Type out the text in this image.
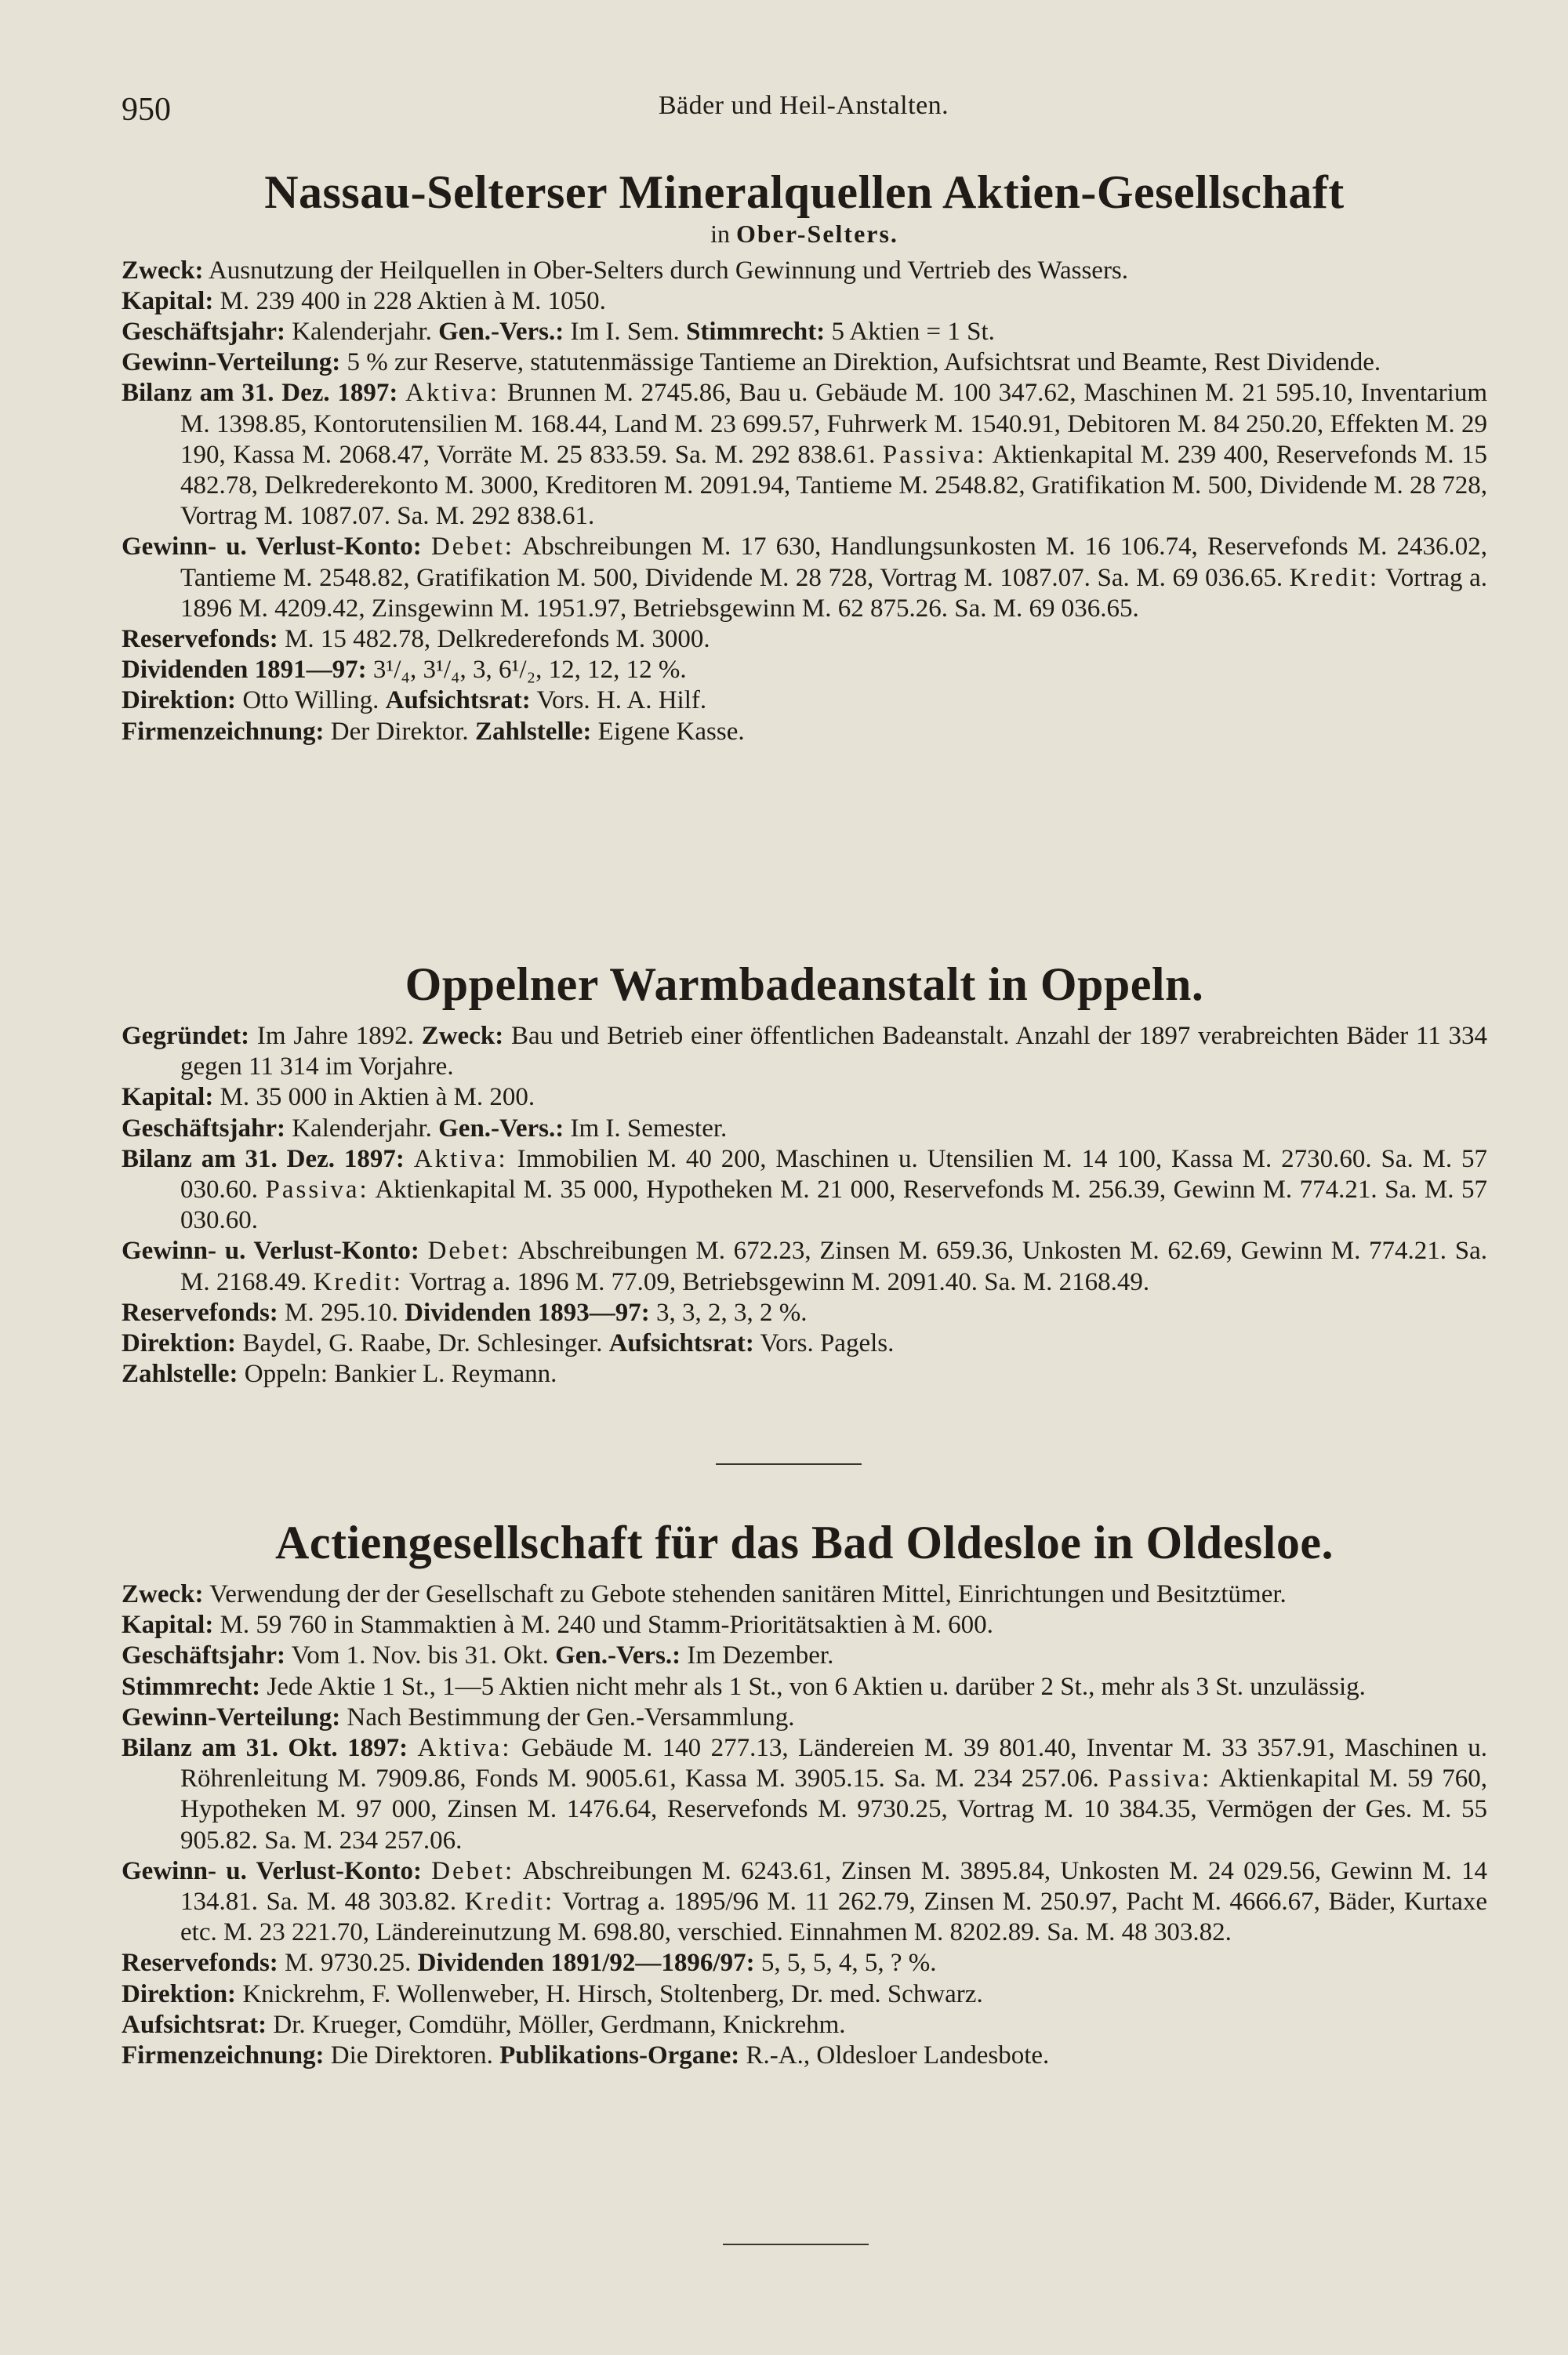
950	Bäder und Heil-Anstalten.
Nassau-Selterser Mineralquellen Aktien-Gesellschaft
in Ober-Selters.
Zweck: Ausnutzung der Heilquellen in Ober-Selters durch Gewinnung und Vertrieb des Wassers.
Kapital: M. 239 400 in 228 Aktien à M. 1050.
Geschäftsjahr: Kalenderjahr. Gen.-Vers.: Im I. Sem. Stimmrecht: 5 Aktien = 1 St.
Gewinn-Verteilung: 5 % zur Reserve, statutenmässige Tantieme an Direktion, Aufsichtsrat und Beamte, Rest Dividende.
Bilanz am 31. Dez. 1897: Aktiva: Brunnen M. 2745.86, Bau u. Gebäude M. 100 347.62, Maschinen M. 21 595.10, Inventarium M. 1398.85, Kontorutensilien M. 168.44, Land M. 23 699.57, Fuhrwerk M. 1540.91, Debitoren M. 84 250.20, Effekten M. 29 190, Kassa M. 2068.47, Vorräte M. 25 833.59. Sa. M. 292 838.61. Passiva: Aktienkapital M. 239 400, Reservefonds M. 15 482.78, Delkrederekonto M. 3000, Kreditoren M. 2091.94, Tantieme M. 2548.82, Gratifikation M. 500, Dividende M. 28 728, Vortrag M. 1087.07. Sa. M. 292 838.61.
Gewinn- u. Verlust-Konto: Debet: Abschreibungen M. 17 630, Handlungsunkosten M. 16 106.74, Reservefonds M. 2436.02, Tantieme M. 2548.82, Gratifikation M. 500, Dividende M. 28 728, Vortrag M. 1087.07. Sa. M. 69 036.65. Kredit: Vortrag a. 1896 M. 4209.42, Zinsgewinn M. 1951.97, Betriebsgewinn M. 62 875.26. Sa. M. 69 036.65.
Reservefonds: M. 15 482.78, Delkrederefonds M. 3000.
Dividenden 1891—97: 3¹/₄, 3¹/₄, 3, 6¹/₂, 12, 12, 12 %.
Direktion: Otto Willing. Aufsichtsrat: Vors. H. A. Hilf.
Firmenzeichnung: Der Direktor. Zahlstelle: Eigene Kasse.
Oppelner Warmbadeanstalt in Oppeln.
Gegründet: Im Jahre 1892. Zweck: Bau und Betrieb einer öffentlichen Badeanstalt. Anzahl der 1897 verabreichten Bäder 11 334 gegen 11 314 im Vorjahre.
Kapital: M. 35 000 in Aktien à M. 200.
Geschäftsjahr: Kalenderjahr. Gen.-Vers.: Im I. Semester.
Bilanz am 31. Dez. 1897: Aktiva: Immobilien M. 40 200, Maschinen u. Utensilien M. 14 100, Kassa M. 2730.60. Sa. M. 57 030.60. Passiva: Aktienkapital M. 35 000, Hypotheken M. 21 000, Reservefonds M. 256.39, Gewinn M. 774.21. Sa. M. 57 030.60.
Gewinn- u. Verlust-Konto: Debet: Abschreibungen M. 672.23, Zinsen M. 659.36, Unkosten M. 62.69, Gewinn M. 774.21. Sa. M. 2168.49. Kredit: Vortrag a. 1896 M. 77.09, Betriebsgewinn M. 2091.40. Sa. M. 2168.49.
Reservefonds: M. 295.10. Dividenden 1893—97: 3, 3, 2, 3, 2 %.
Direktion: Baydel, G. Raabe, Dr. Schlesinger. Aufsichtsrat: Vors. Pagels.
Zahlstelle: Oppeln: Bankier L. Reymann.
Actiengesellschaft für das Bad Oldesloe in Oldesloe.
Zweck: Verwendung der der Gesellschaft zu Gebote stehenden sanitären Mittel, Einrichtungen und Besitztümer.
Kapital: M. 59 760 in Stammaktien à M. 240 und Stamm-Prioritätsaktien à M. 600.
Geschäftsjahr: Vom 1. Nov. bis 31. Okt. Gen.-Vers.: Im Dezember.
Stimmrecht: Jede Aktie 1 St., 1—5 Aktien nicht mehr als 1 St., von 6 Aktien u. darüber 2 St., mehr als 3 St. unzulässig.
Gewinn-Verteilung: Nach Bestimmung der Gen.-Versammlung.
Bilanz am 31. Okt. 1897: Aktiva: Gebäude M. 140 277.13, Ländereien M. 39 801.40, Inventar M. 33 357.91, Maschinen u. Röhrenleitung M. 7909.86, Fonds M. 9005.61, Kassa M. 3905.15. Sa. M. 234 257.06. Passiva: Aktienkapital M. 59 760, Hypotheken M. 97 000, Zinsen M. 1476.64, Reservefonds M. 9730.25, Vortrag M. 10 384.35, Vermögen der Ges. M. 55 905.82. Sa. M. 234 257.06.
Gewinn- u. Verlust-Konto: Debet: Abschreibungen M. 6243.61, Zinsen M. 3895.84, Unkosten M. 24 029.56, Gewinn M. 14 134.81. Sa. M. 48 303.82. Kredit: Vortrag a. 1895/96 M. 11 262.79, Zinsen M. 250.97, Pacht M. 4666.67, Bäder, Kurtaxe etc. M. 23 221.70, Ländereinutzung M. 698.80, verschied. Einnahmen M. 8202.89. Sa. M. 48 303.82.
Reservefonds: M. 9730.25. Dividenden 1891/92—1896/97: 5, 5, 5, 4, 5, ? %.
Direktion: Knickrehm, F. Wollenweber, H. Hirsch, Stoltenberg, Dr. med. Schwarz.
Aufsichtsrat: Dr. Krueger, Comdühr, Möller, Gerdmann, Knickrehm.
Firmenzeichnung: Die Direktoren. Publikations-Organe: R.-A., Oldesloer Landesbote.
